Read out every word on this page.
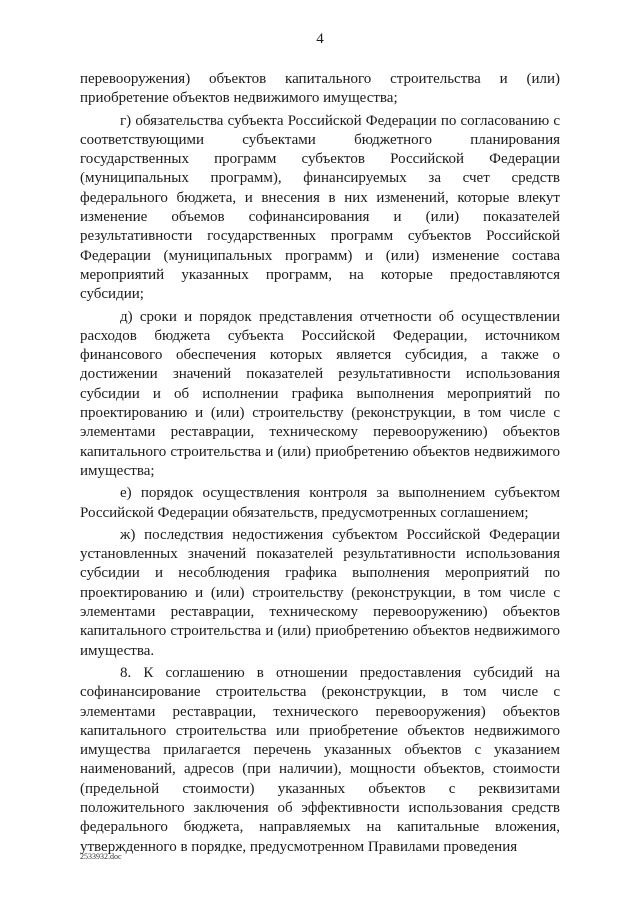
4

перевооружения) объектов капитального строительства и (или) приобретение объектов недвижимого имущества;

г) обязательства субъекта Российской Федерации по согласованию с соответствующими субъектами бюджетного планирования государственных программ субъектов Российской Федерации (муниципальных программ), финансируемых за счет средств федерального бюджета, и внесения в них изменений, которые влекут изменение объемов софинансирования и (или) показателей результативности государственных программ субъектов Российской Федерации (муниципальных программ) и (или) изменение состава мероприятий указанных программ, на которые предоставляются субсидии;

д) сроки и порядок представления отчетности об осуществлении расходов бюджета субъекта Российской Федерации, источником финансового обеспечения которых является субсидия, а также о достижении значений показателей результативности использования субсидии и об исполнении графика выполнения мероприятий по проектированию и (или) строительству (реконструкции, в том числе с элементами реставрации, техническому перевооружению) объектов капитального строительства и (или) приобретению объектов недвижимого имущества;

е) порядок осуществления контроля за выполнением субъектом Российской Федерации обязательств, предусмотренных соглашением;

ж) последствия недостижения субъектом Российской Федерации установленных значений показателей результативности использования субсидии и несоблюдения графика выполнения мероприятий по проектированию и (или) строительству (реконструкции, в том числе с элементами реставрации, техническому перевооружению) объектов капитального строительства и (или) приобретению объектов недвижимого имущества.

8. К соглашению в отношении предоставления субсидий на софинансирование строительства (реконструкции, в том числе с элементами реставрации, технического перевооружения) объектов капитального строительства или приобретение объектов недвижимого имущества прилагается перечень указанных объектов с указанием наименований, адресов (при наличии), мощности объектов, стоимости (предельной стоимости) указанных объектов с реквизитами положительного заключения об эффективности использования средств федерального бюджета, направляемых на капитальные вложения, утвержденного в порядке, предусмотренном Правилами проведения

2533932.doc
